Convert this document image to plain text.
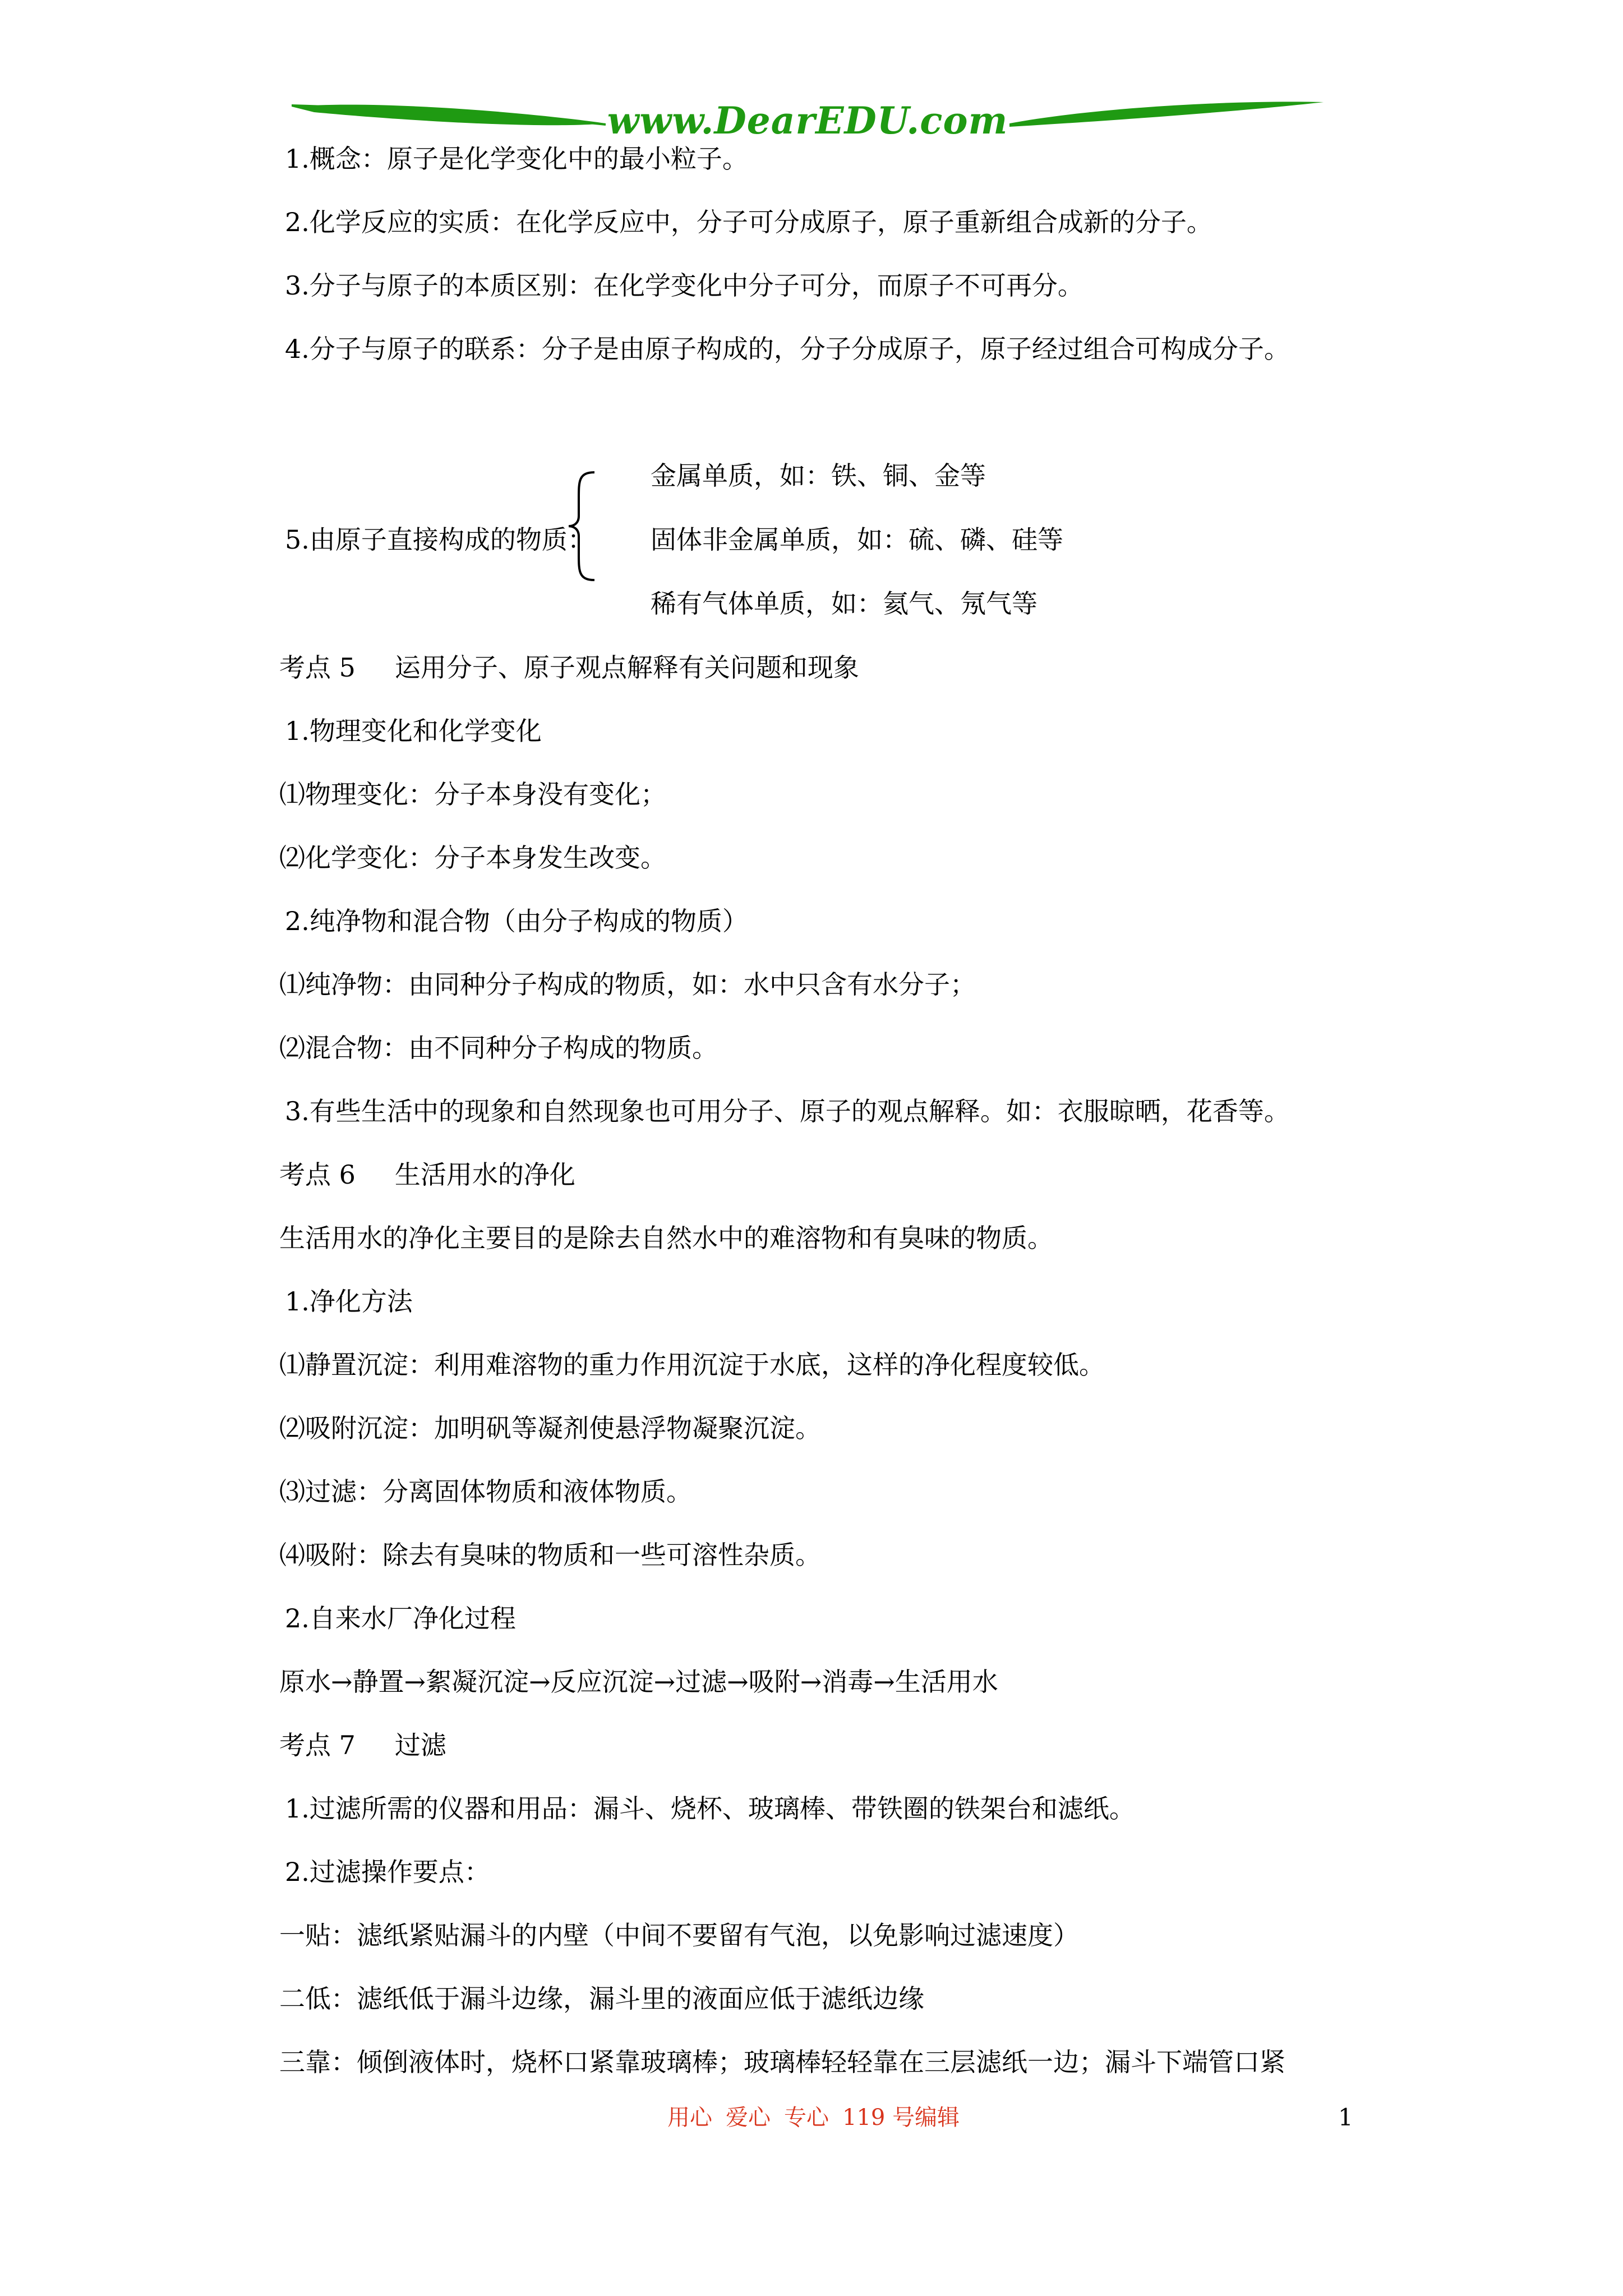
www.DearEDU.com
1.概念：原子是化学变化中的最小粒子。
2.化学反应的实质：在化学反应中，分子可分成原子，原子重新组合成新的分子。
3.分子与原子的本质区别：在化学变化中分子可分，而原子不可再分。
4.分子与原子的联系：分子是由原子构成的，分子分成原子，原子经过组合可构成分子。
5.由原子直接构成的物质：
金属单质，如：铁、铜、金等
固体非金属单质，如：硫、磷、硅等
稀有气体单质，如：氦气、氖气等
考点 5 运用分子、原子观点解释有关问题和现象
1.物理变化和化学变化
⑴物理变化：分子本身没有变化；
⑵化学变化：分子本身发生改变。
2.纯净物和混合物（由分子构成的物质）
⑴纯净物：由同种分子构成的物质，如：水中只含有水分子；
⑵混合物：由不同种分子构成的物质。
3.有些生活中的现象和自然现象也可用分子、原子的观点解释。如：衣服晾晒，花香等。
考点 6 生活用水的净化
生活用水的净化主要目的是除去自然水中的难溶物和有臭味的物质。
1.净化方法
⑴静置沉淀：利用难溶物的重力作用沉淀于水底，这样的净化程度较低。
⑵吸附沉淀：加明矾等凝剂使悬浮物凝聚沉淀。
⑶过滤：分离固体物质和液体物质。
⑷吸附：除去有臭味的物质和一些可溶性杂质。
2.自来水厂净化过程
原水→静置→絮凝沉淀→反应沉淀→过滤→吸附→消毒→生活用水
考点 7 过滤
1.过滤所需的仪器和用品：漏斗、烧杯、玻璃棒、带铁圈的铁架台和滤纸。
2.过滤操作要点：
一贴：滤纸紧贴漏斗的内壁（中间不要留有气泡，以免影响过滤速度）
二低：滤纸低于漏斗边缘，漏斗里的液面应低于滤纸边缘
三靠：倾倒液体时，烧杯口紧靠玻璃棒；玻璃棒轻轻靠在三层滤纸一边；漏斗下端管口紧
用心 爱心 专心 119 号编辑	1
